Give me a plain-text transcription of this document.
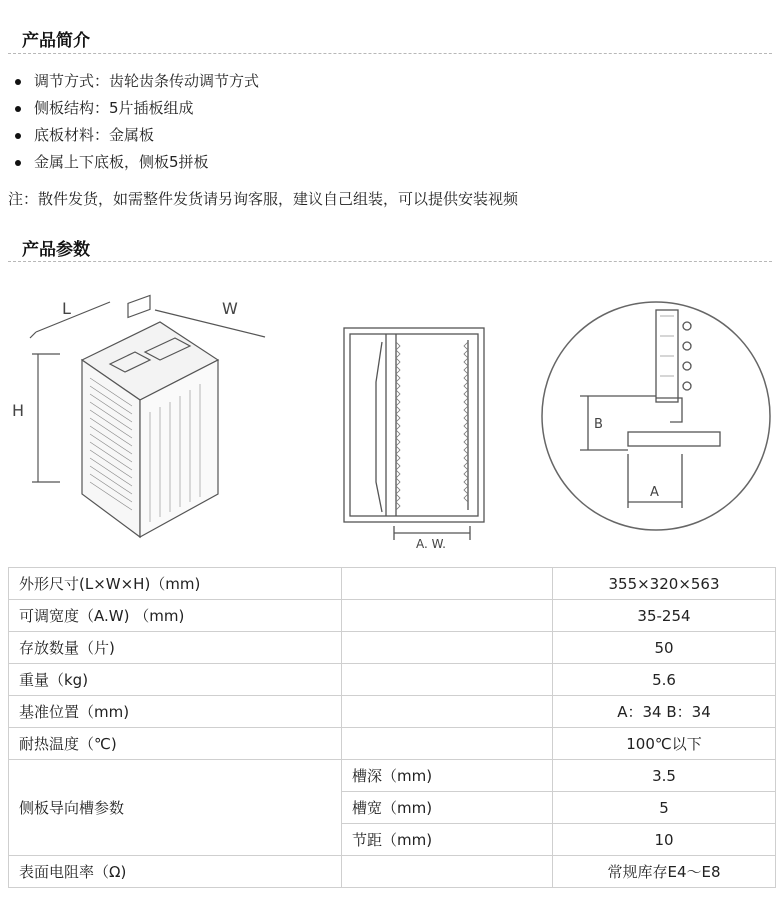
产品简介
调节方式：齿轮齿条传动调节方式
侧板结构：5片插板组成
底板材料：金属板
金属上下底板，侧板5拼板
注：散件发货，如需整件发货请另询客服，建议自己组装，可以提供安装视频
产品参数
L	W
H
A. W.
B
A
外形尺寸(L×W×H)（mm)		355×320×563
可调宽度（A.W) （mm)		35-254
存放数量（片)		50
重量（kg)		5.6
基准位置（mm)		A：34 B：34
耐热温度（℃)		100℃以下
侧板导向槽参数	槽深（mm)	3.5
	槽宽（mm)	5
	节距（mm)	10
表面电阻率（Ω)		常规库存E4～E8
